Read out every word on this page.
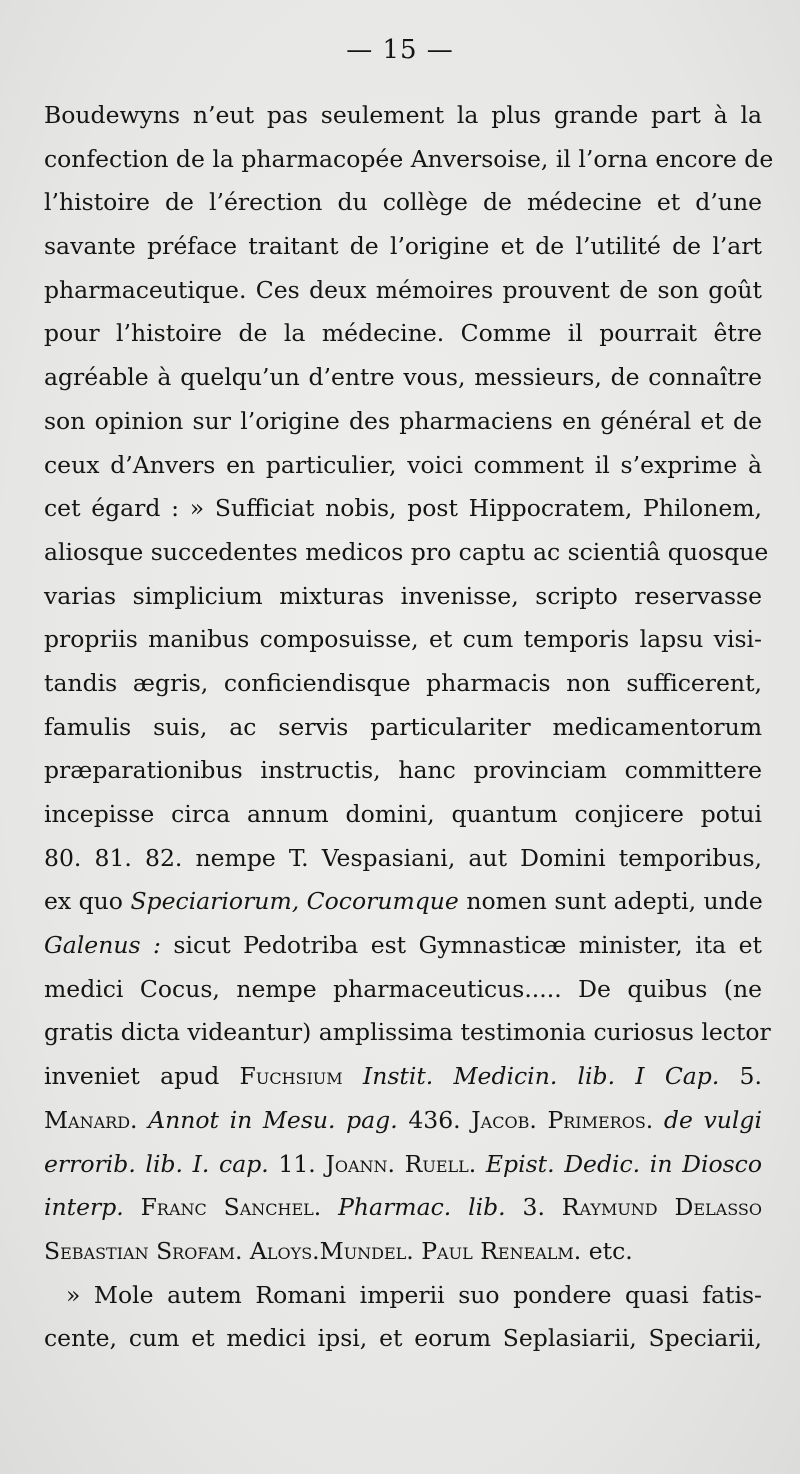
— 15 —
Boudewyns n’eut pas seulement la plus grande part à la
confection de la pharmacopée Anversoise, il l’orna encore de
l’histoire de l’érection du collège de médecine et d’une
savante préface traitant de l’origine et de l’utilité de l’art
pharmaceutique. Ces deux mémoires prouvent de son goût
pour l’histoire de la médecine. Comme il pourrait être
agréable à quelqu’un d’entre vous, messieurs, de connaître
son opinion sur l’origine des pharmaciens en général et de
ceux d’Anvers en particulier, voici comment il s’exprime à
cet égard : » Sufficiat nobis, post Hippocratem, Philonem,
aliosque succedentes medicos pro captu ac scientiâ quosque
varias simplicium mixturas invenisse, scripto reservasse
propriis manibus composuisse, et cum temporis lapsu visi-
tandis ægris, conficiendisque pharmacis non sufficerent,
famulis suis, ac servis particulariter medicamentorum
præparationibus instructis, hanc provinciam committere
incepisse circa annum domini, quantum conjicere potui
80. 81. 82. nempe T. Vespasiani, aut Domini temporibus,
ex quo Speciariorum, Cocorumque nomen sunt adepti, unde
Galenus : sicut Pedotriba est Gymnasticæ minister, ita et
medici Cocus, nempe pharmaceuticus..... De quibus (ne
gratis dicta videantur) amplissima testimonia curiosus lector
inveniet apud Fuchsium Instit. Medicin. lib. I Cap. 5.
Manard. Annot in Mesu. pag. 436. Jacob. Primeros. de vulgi
errorib. lib. I. cap. 11. Joann. Ruell. Epist. Dedic. in Diosco
interp. Franc Sanchel. Pharmac. lib. 3. Raymund Delasso
Sebastian Srofam. Aloys.Mundel. Paul Renealm. etc.
» Mole autem Romani imperii suo pondere quasi fatis-
cente, cum et medici ipsi, et eorum Seplasiarii, Speciarii,
